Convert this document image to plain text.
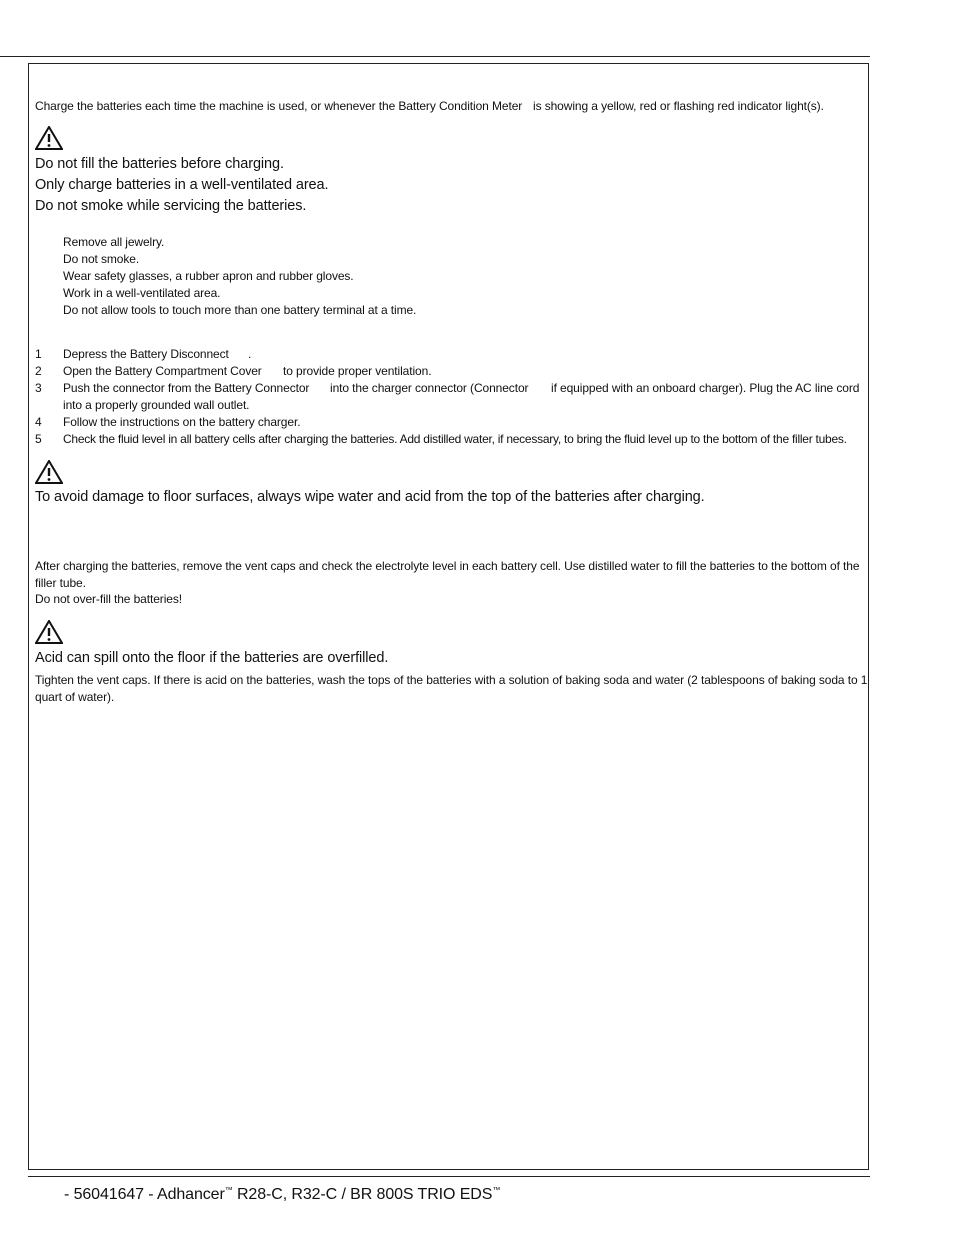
Charge the batteries each time the machine is used, or whenever the Battery Condition Meter is showing a yellow, red or flashing red indicator light(s).
Do not fill the batteries before charging.
Only charge batteries in a well-ventilated area.
Do not smoke while servicing the batteries.
Remove all jewelry.
Do not smoke.
Wear safety glasses, a rubber apron and rubber gloves.
Work in a well-ventilated area.
Do not allow tools to touch more than one battery terminal at a time.
1 Depress the Battery Disconnect .
2 Open the Battery Compartment Cover to provide proper ventilation.
3 Push the connector from the Battery Connector into the charger connector (Connector if equipped with an onboard charger). Plug the AC line cord
into a properly grounded wall outlet.
4 Follow the instructions on the battery charger.
5 Check the fluid level in all battery cells after charging the batteries. Add distilled water, if necessary, to bring the fluid level up to the bottom of the filler tubes.
To avoid damage to floor surfaces, always wipe water and acid from the top of the batteries after charging.
After charging the batteries, remove the vent caps and check the electrolyte level in each battery cell. Use distilled water to fill the batteries to the bottom of the
filler tube.
Do not over-fill the batteries!
Acid can spill onto the floor if the batteries are overfilled.
Tighten the vent caps. If there is acid on the batteries, wash the tops of the batteries with a solution of baking soda and water (2 tablespoons of baking soda to 1
quart of water).
- 56041647 - Adhancer™ R28-C, R32-C / BR 800S TRIO EDS™
